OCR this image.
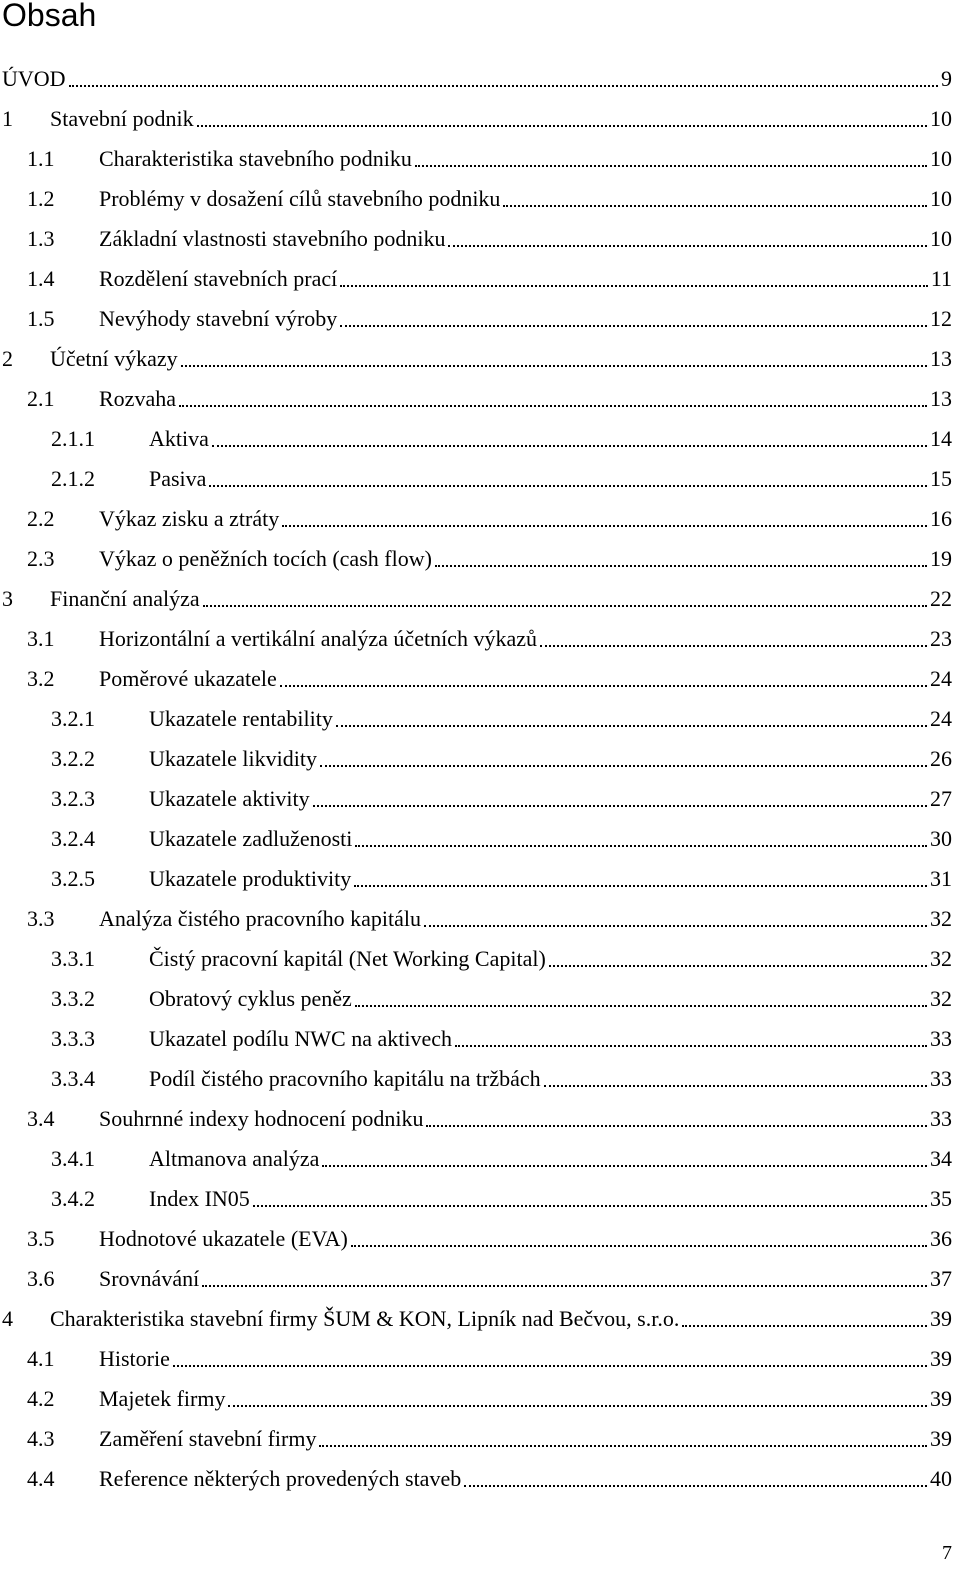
Obsah
ÚVOD	9
1 Stavební podnik	10
1.1 Charakteristika stavebního podniku	10
1.2 Problémy v dosažení cílů stavebního podniku	10
1.3 Základní vlastnosti stavebního podniku	10
1.4 Rozdělení stavebních prací	11
1.5 Nevýhody stavební výroby	12
2 Účetní výkazy	13
2.1 Rozvaha	13
2.1.1 Aktiva	14
2.1.2 Pasiva	15
2.2 Výkaz zisku a ztráty	16
2.3 Výkaz o peněžních tocích (cash flow)	19
3 Finanční analýza	22
3.1 Horizontální a vertikální analýza účetních výkazů	23
3.2 Poměrové ukazatele	24
3.2.1 Ukazatele rentability	24
3.2.2 Ukazatele likvidity	26
3.2.3 Ukazatele aktivity	27
3.2.4 Ukazatele zadluženosti	30
3.2.5 Ukazatele produktivity	31
3.3 Analýza čistého pracovního kapitálu	32
3.3.1 Čistý pracovní kapitál (Net Working Capital)	32
3.3.2 Obratový cyklus peněz	32
3.3.3 Ukazatel podílu NWC na aktivech	33
3.3.4 Podíl čistého pracovního kapitálu na tržbách	33
3.4 Souhrnné indexy hodnocení podniku	33
3.4.1 Altmanova analýza	34
3.4.2 Index IN05	35
3.5 Hodnotové ukazatele (EVA)	36
3.6 Srovnávání	37
4 Charakteristika stavební firmy ŠUM & KON, Lipník nad Bečvou, s.r.o.	39
4.1 Historie	39
4.2 Majetek firmy	39
4.3 Zaměření stavební firmy	39
4.4 Reference některých provedených staveb	40
7
